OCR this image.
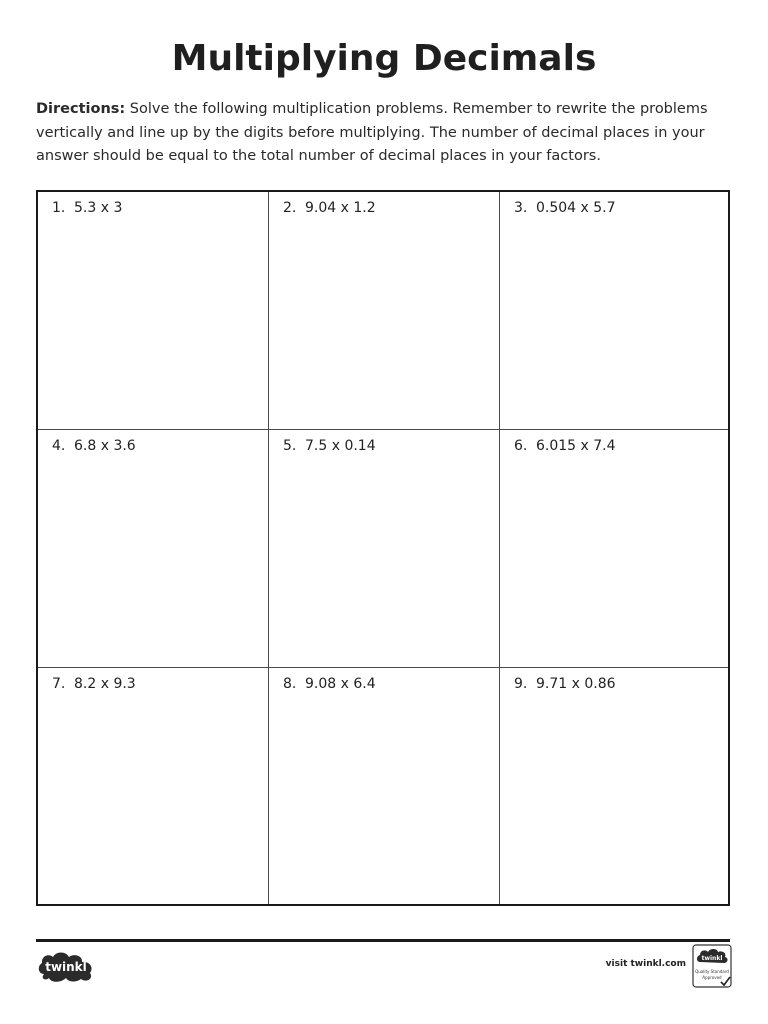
Multiplying Decimals

Directions: Solve the following multiplication problems. Remember to rewrite the problems vertically and line up by the digits before multiplying. The number of decimal places in your answer should be equal to the total number of decimal places in your factors.

1. 5.3 x 3	2. 9.04 x 1.2	3. 0.504 x 5.7
4. 6.8 x 3.6	5. 7.5 x 0.14	6. 6.015 x 7.4
7. 8.2 x 9.3	8. 9.08 x 6.4	9. 9.71 x 0.86
twinkl	visit twinkl.com
twinkl
Quality Standard
Approved
